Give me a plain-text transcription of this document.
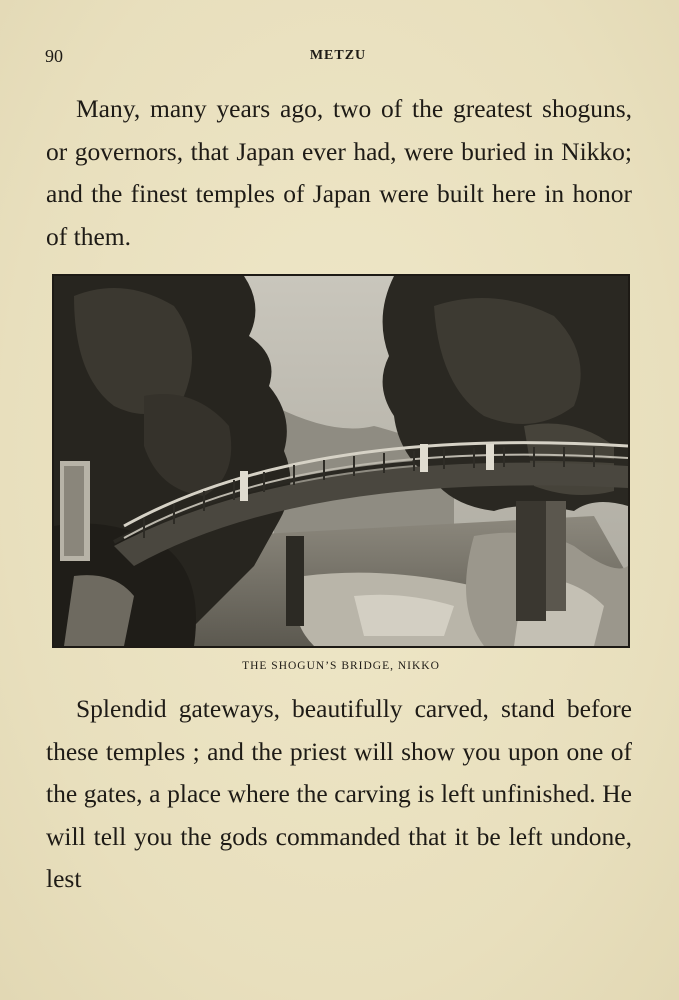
90	METZU

Many, many years ago, two of the greatest shoguns, or governors, that Japan ever had, were buried in Nikko; and the finest temples of Japan were built here in honor of them.

THE SHOGUN’S BRIDGE, NIKKO

Splendid gateways, beautifully carved, stand before these temples ; and the priest will show you upon one of the gates, a place where the carving is left unfinished. He will tell you the gods commanded that it be left undone, lest
